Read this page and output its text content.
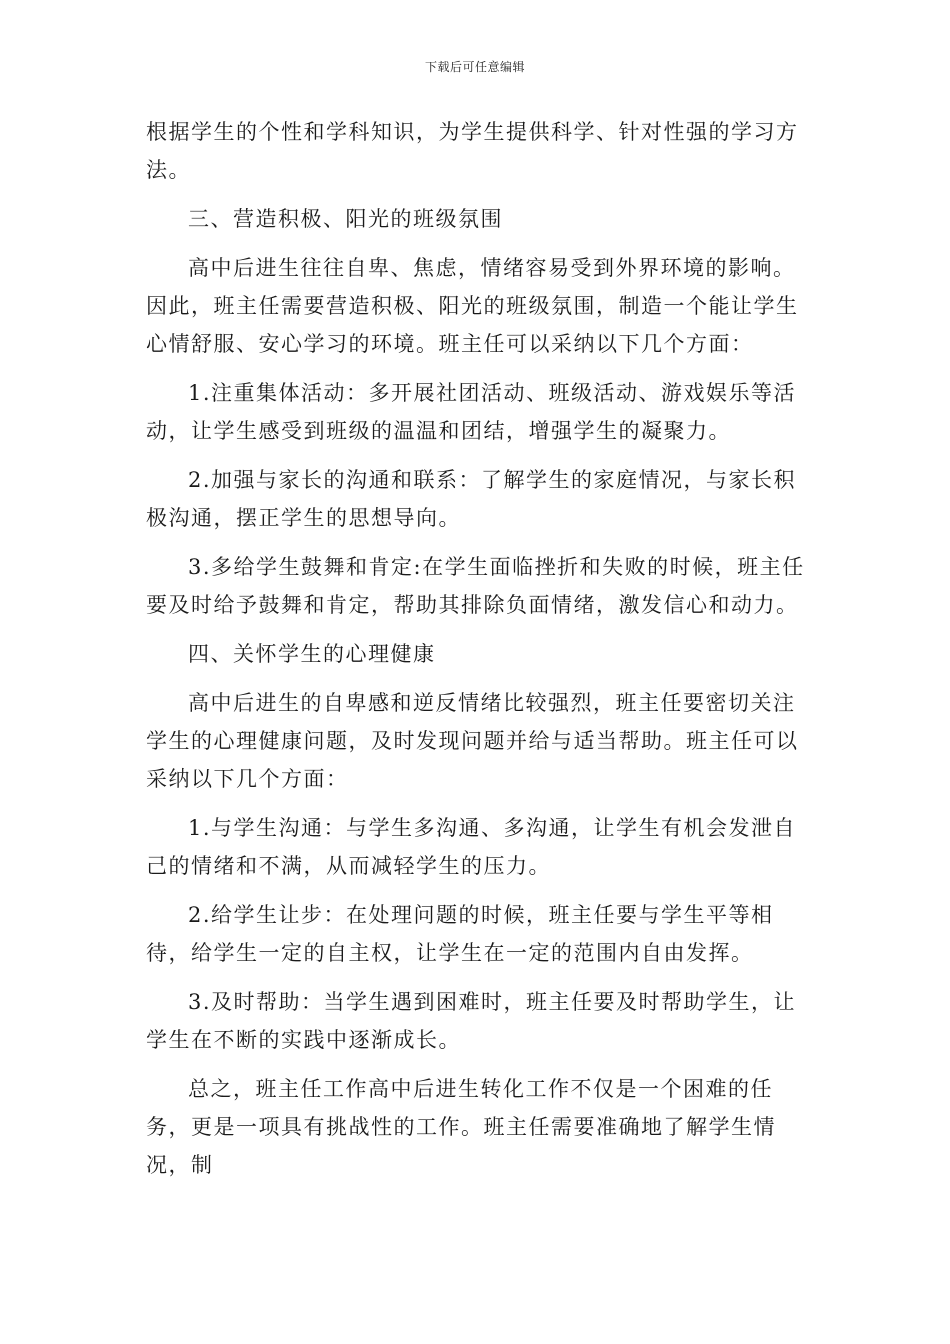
下载后可任意编辑

根据学生的个性和学科知识，为学生提供科学、针对性强的学习方法。

三、营造积极、阳光的班级氛围

高中后进生往往自卑、焦虑，情绪容易受到外界环境的影响。因此，班主任需要营造积极、阳光的班级氛围，制造一个能让学生心情舒服、安心学习的环境。班主任可以采纳以下几个方面：

1.注重集体活动：多开展社团活动、班级活动、游戏娱乐等活动，让学生感受到班级的温温和团结，增强学生的凝聚力。

2.加强与家长的沟通和联系：了解学生的家庭情况，与家长积极沟通，摆正学生的思想导向。

3.多给学生鼓舞和肯定:在学生面临挫折和失败的时候，班主任要及时给予鼓舞和肯定，帮助其排除负面情绪，激发信心和动力。

四、关怀学生的心理健康

高中后进生的自卑感和逆反情绪比较强烈，班主任要密切关注学生的心理健康问题，及时发现问题并给与适当帮助。班主任可以采纳以下几个方面：

1.与学生沟通：与学生多沟通、多沟通，让学生有机会发泄自己的情绪和不满，从而减轻学生的压力。

2.给学生让步：在处理问题的时候，班主任要与学生平等相待，给学生一定的自主权，让学生在一定的范围内自由发挥。

3.及时帮助：当学生遇到困难时，班主任要及时帮助学生，让学生在不断的实践中逐渐成长。

总之，班主任工作高中后进生转化工作不仅是一个困难的任务，更是一项具有挑战性的工作。班主任需要准确地了解学生情况，制
